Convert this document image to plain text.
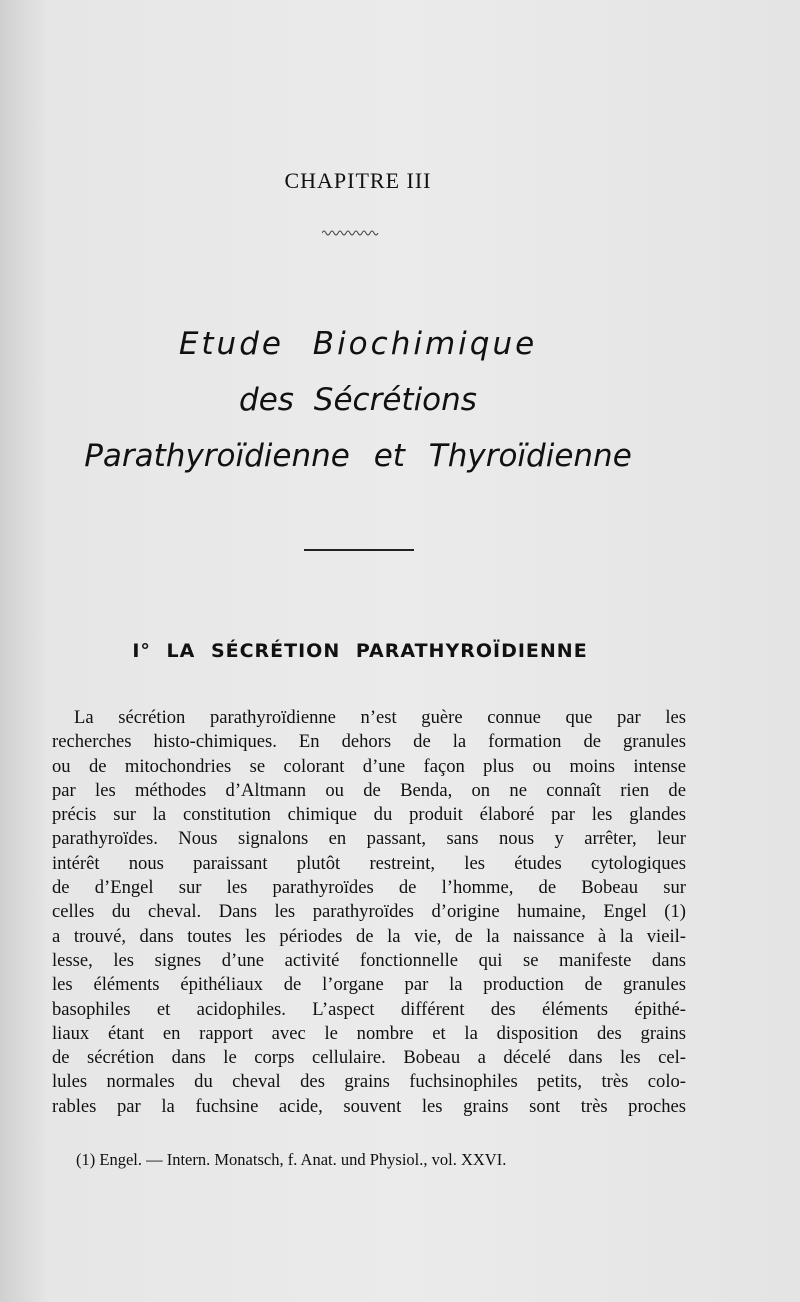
CHAPITRE III
Etude Biochimique
des Sécrétions
Parathyroïdienne et Thyroïdienne
I° LA SÉCRÉTION PARATHYROÏDIENNE
La sécrétion parathyroïdienne n’est guère connue que par les
recherches histo-chimiques. En dehors de la formation de granules
ou de mitochondries se colorant d’une façon plus ou moins intense
par les méthodes d’Altmann ou de Benda, on ne connaît rien de
précis sur la constitution chimique du produit élaboré par les glandes
parathyroïdes. Nous signalons en passant, sans nous y arrêter, leur
intérêt nous paraissant plutôt restreint, les études cytologiques
de d’Engel sur les parathyroïdes de l’homme, de Bobeau sur
celles du cheval. Dans les parathyroïdes d’origine humaine, Engel (1)
a trouvé, dans toutes les périodes de la vie, de la naissance à la vieil-
lesse, les signes d’une activité fonctionnelle qui se manifeste dans
les éléments épithéliaux de l’organe par la production de granules
basophiles et acidophiles. L’aspect différent des éléments épithé-
liaux étant en rapport avec le nombre et la disposition des grains
de sécrétion dans le corps cellulaire. Bobeau a décelé dans les cel-
lules normales du cheval des grains fuchsinophiles petits, très colo-
rables par la fuchsine acide, souvent les grains sont très proches
(1) Engel. — Intern. Monatsch, f. Anat. und Physiol., vol. XXVI.
